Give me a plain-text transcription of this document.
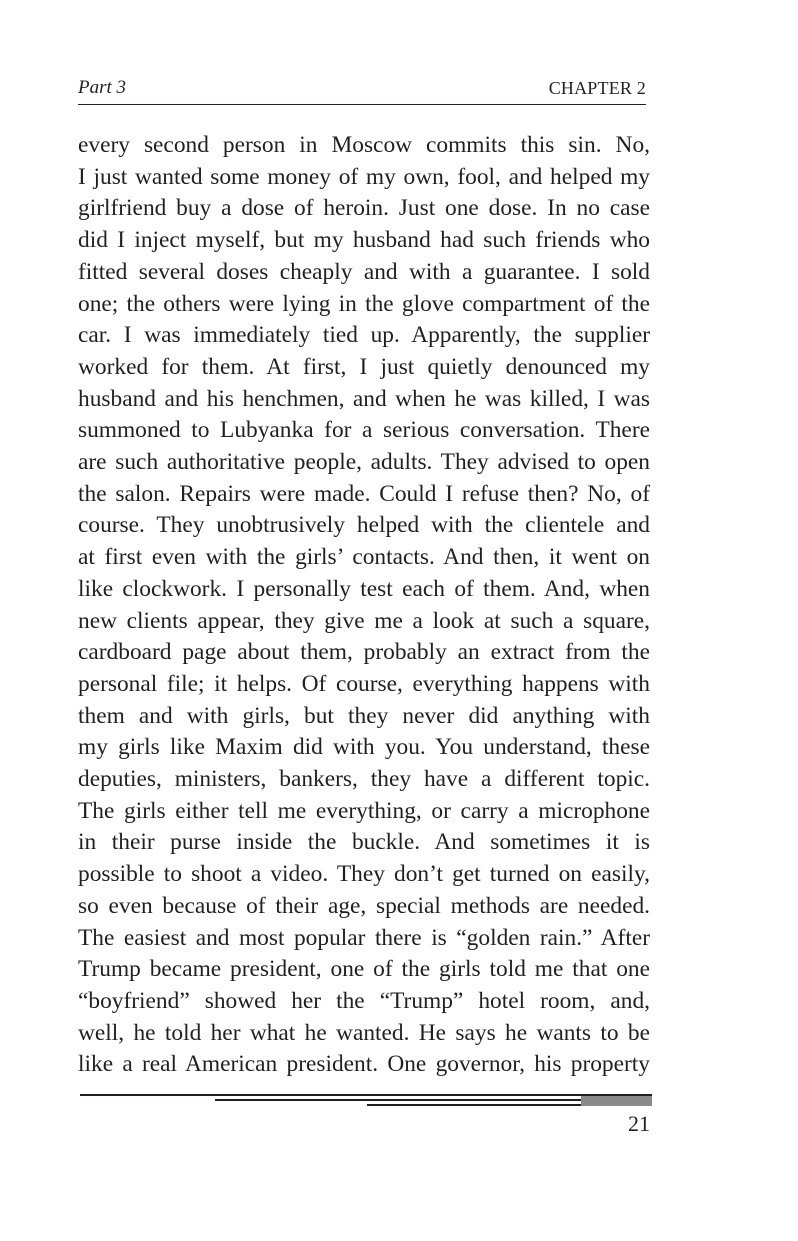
Part 3	CHAPTER 2
every second person in Moscow commits this sin. No,
I just wanted some money of my own, fool, and helped my
girlfriend buy a dose of heroin. Just one dose. In no case
did I inject myself, but my husband had such friends who
fitted several doses cheaply and with a guarantee. I sold
one; the others were lying in the glove compartment of the
car. I was immediately tied up. Apparently, the supplier
worked for them. At first, I just quietly denounced my
husband and his henchmen, and when he was killed, I was
summoned to Lubyanka for a serious conversation. There
are such authoritative people, adults. They advised to open
the salon. Repairs were made. Could I refuse then? No, of
course. They unobtrusively helped with the clientele and
at first even with the girls’ contacts. And then, it went on
like clockwork. I personally test each of them. And, when
new clients appear, they give me a look at such a square,
cardboard page about them, probably an extract from the
personal file; it helps. Of course, everything happens with
them and with girls, but they never did anything with
my girls like Maxim did with you. You understand, these
deputies, ministers, bankers, they have a different topic.
The girls either tell me everything, or carry a microphone
in their purse inside the buckle. And sometimes it is
possible to shoot a video. They don’t get turned on easily,
so even because of their age, special methods are needed.
The easiest and most popular there is “golden rain.” After
Trump became president, one of the girls told me that one
“boyfriend” showed her the “Trump” hotel room, and,
well, he told her what he wanted. He says he wants to be
like a real American president. One governor, his property
21
